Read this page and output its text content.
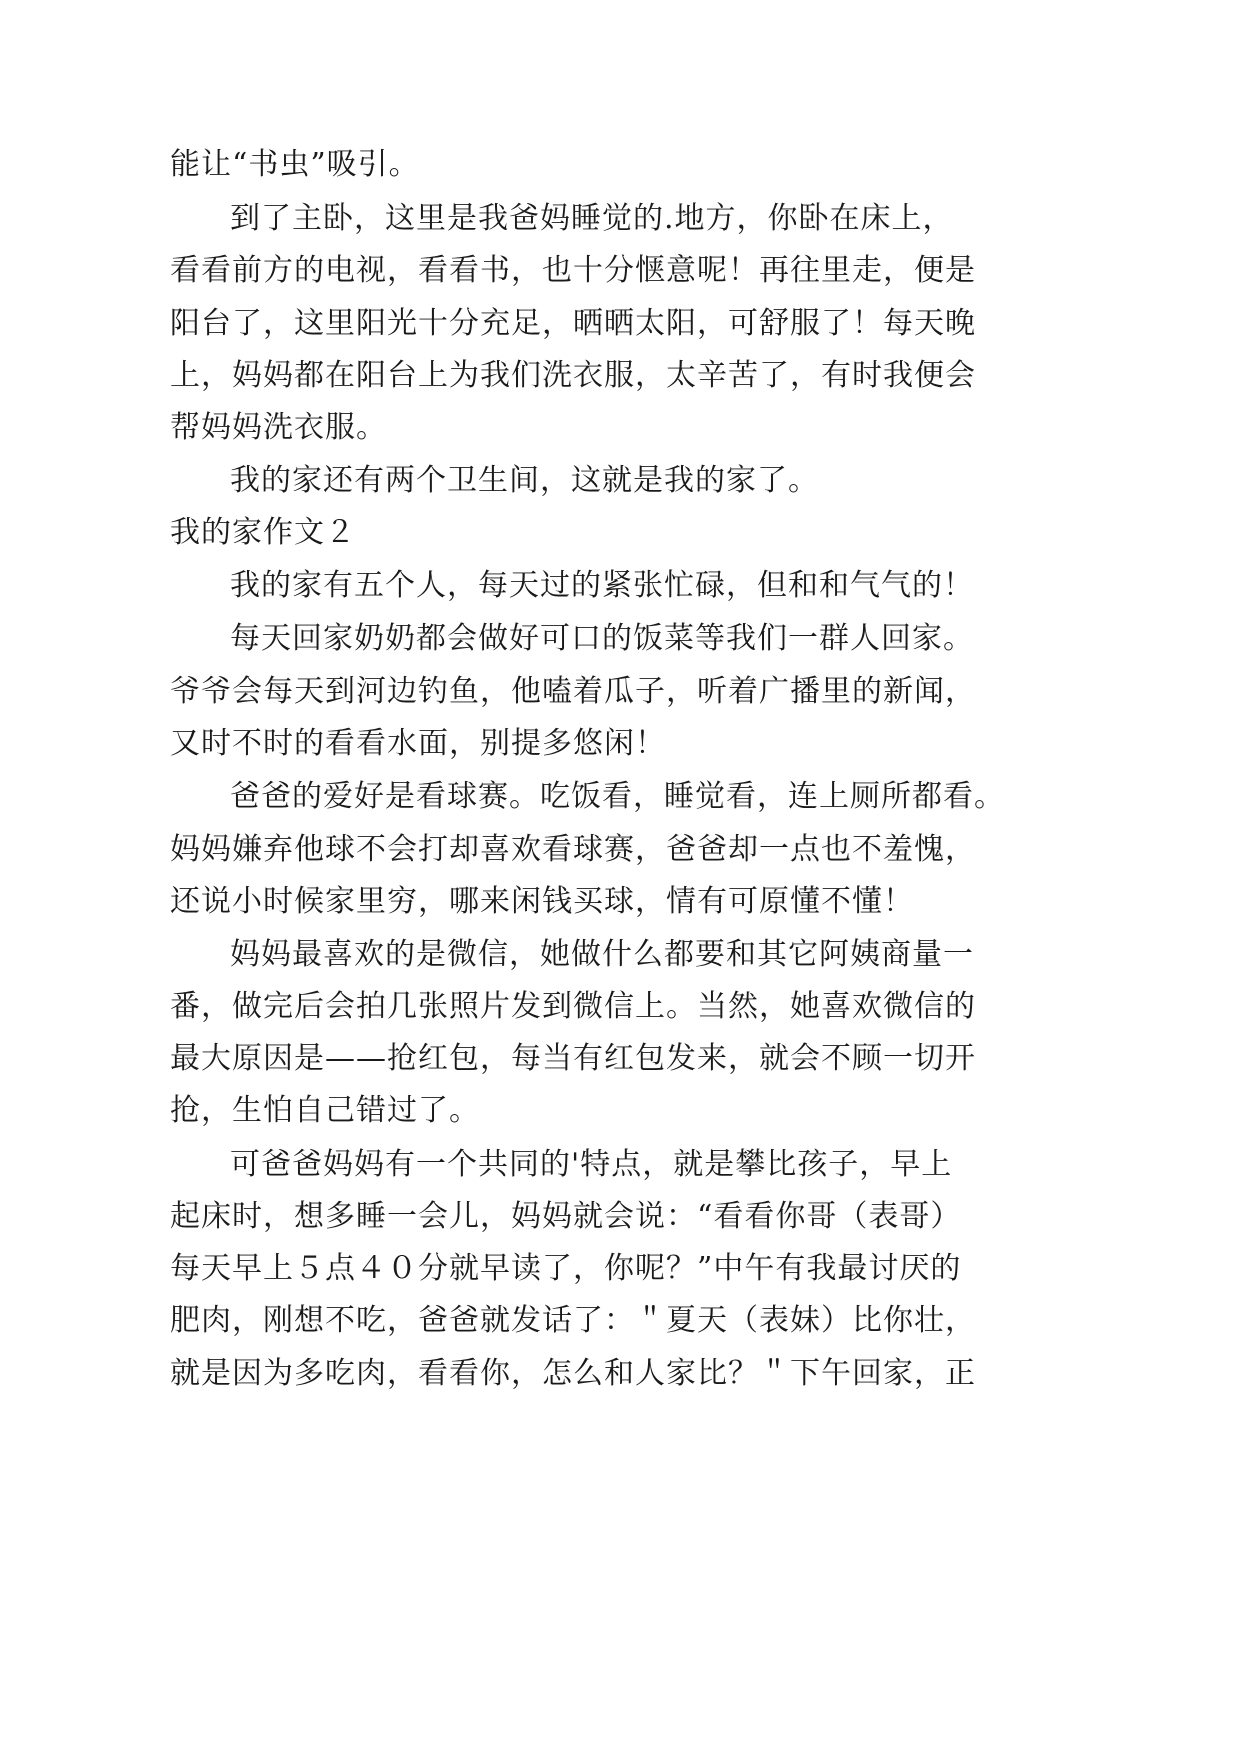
能让“书虫”吸引。
到了主卧，这里是我爸妈睡觉的.地方，你卧在床上，
看看前方的电视，看看书，也十分惬意呢！再往里走，便是
阳台了，这里阳光十分充足，晒晒太阳，可舒服了！每天晚
上，妈妈都在阳台上为我们洗衣服，太辛苦了，有时我便会
帮妈妈洗衣服。
我的家还有两个卫生间，这就是我的家了。
我的家作文２
我的家有五个人，每天过的紧张忙碌，但和和气气的！
每天回家奶奶都会做好可口的饭菜等我们一群人回家。
爷爷会每天到河边钓鱼，他嗑着瓜子，听着广播里的新闻，
又时不时的看看水面，别提多悠闲！
爸爸的爱好是看球赛。吃饭看，睡觉看，连上厕所都看。
妈妈嫌弃他球不会打却喜欢看球赛，爸爸却一点也不羞愧，
还说小时候家里穷，哪来闲钱买球，情有可原懂不懂！
妈妈最喜欢的是微信，她做什么都要和其它阿姨商量一
番，做完后会拍几张照片发到微信上。当然，她喜欢微信的
最大原因是——抢红包，每当有红包发来，就会不顾一切开
抢，生怕自己错过了。
可爸爸妈妈有一个共同的'特点，就是攀比孩子，早上
起床时，想多睡一会儿，妈妈就会说：“看看你哥（表哥）
每天早上５点４０分就早读了，你呢？”中午有我最讨厌的
肥肉，刚想不吃，爸爸就发话了：＂夏天（表妹）比你壮，
就是因为多吃肉，看看你，怎么和人家比？＂下午回家，正
